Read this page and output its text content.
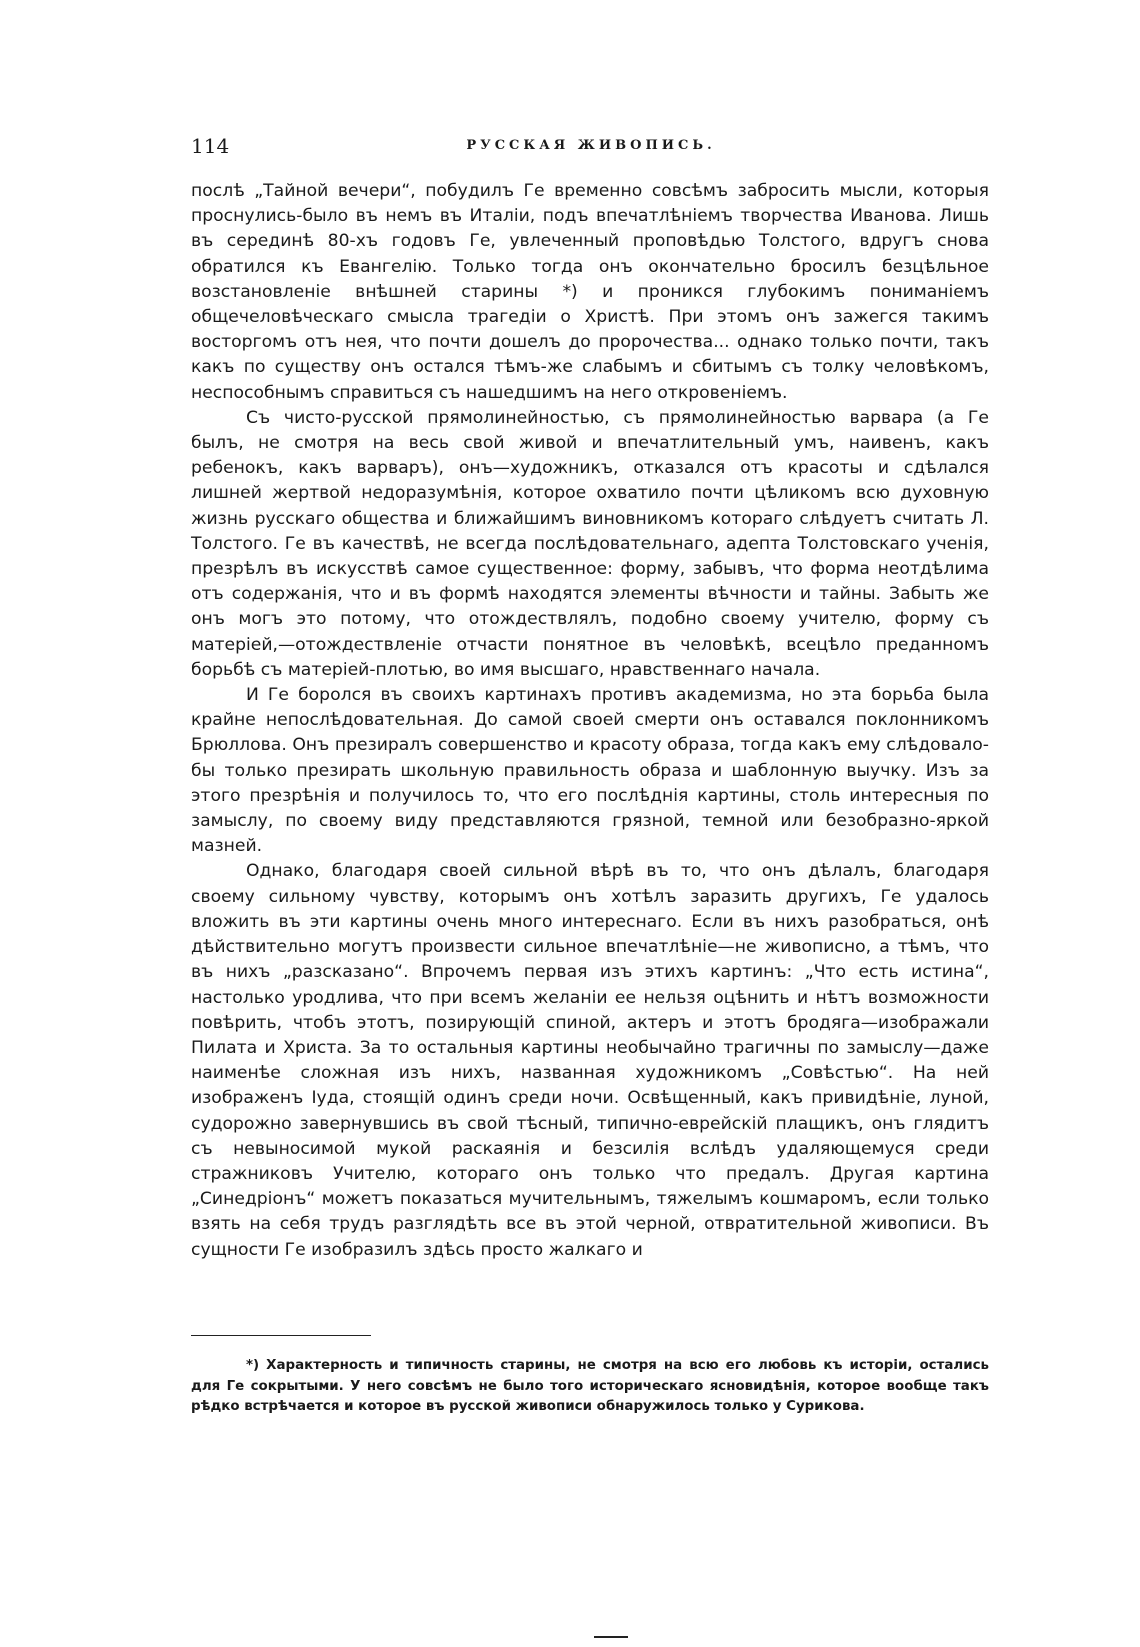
114	РУССКАЯ ЖИВОПИСЬ.

послѣ „Тайной вечери“, побудилъ Ге временно совсѣмъ забросить мысли, которыя проснулись-было въ немъ въ Италіи, подъ впечатлѣніемъ творчества Иванова. Лишь въ серединѣ 80-хъ годовъ Ге, увлеченный проповѣдью Толстого, вдругъ снова обратился къ Евангелію. Только тогда онъ окончательно бросилъ безцѣльное возстановленіе внѣшней старины *) и проникся глубокимъ пониманіемъ общечеловѣческаго смысла трагедіи о Христѣ. При этомъ онъ зажегся такимъ восторгомъ отъ нея, что почти дошелъ до пророчества... однако только почти, такъ какъ по существу онъ остался тѣмъ-же слабымъ и сбитымъ съ толку человѣкомъ, неспособнымъ справиться съ нашедшимъ на него откровеніемъ.

Съ чисто-русской прямолинейностью, съ прямолинейностью варвара (а Ге былъ, не смотря на весь свой живой и впечатлительный умъ, наивенъ, какъ ребенокъ, какъ варваръ), онъ—художникъ, отказался отъ красоты и сдѣлался лишней жертвой недоразумѣнія, которое охватило почти цѣликомъ всю духовную жизнь русскаго общества и ближайшимъ виновникомъ котораго слѣдуетъ считать Л. Толстого. Ге въ качествѣ, не всегда послѣдовательнаго, адепта Толстовскаго ученія, презрѣлъ въ искусствѣ самое существенное: форму, забывъ, что форма неотдѣлима отъ содержанія, что и въ формѣ находятся элементы вѣчности и тайны. Забыть же онъ могъ это потому, что отождествлялъ, подобно своему учителю, форму съ матеріей,—отождествленіе отчасти понятное въ человѣкѣ, всецѣло преданномъ борьбѣ съ матеріей-плотью, во имя высшаго, нравственнаго начала.

И Ге боролся въ своихъ картинахъ противъ академизма, но эта борьба была крайне непослѣдовательная. До самой своей смерти онъ оставался поклонникомъ Брюллова. Онъ презиралъ совершенство и красоту образа, тогда какъ ему слѣдовало-бы только презирать школьную правильность образа и шаблонную выучку. Изъ за этого презрѣнія и получилось то, что его послѣднія картины, столь интересныя по замыслу, по своему виду представляются грязной, темной или безобразно-яркой мазней.

Однако, благодаря своей сильной вѣрѣ въ то, что онъ дѣлалъ, благодаря своему сильному чувству, которымъ онъ хотѣлъ заразить другихъ, Ге удалось вложить въ эти картины очень много интереснаго. Если въ нихъ разобраться, онѣ дѣйствительно могутъ произвести сильное впечатлѣніе—не живописно, а тѣмъ, что въ нихъ „разсказано“. Впрочемъ первая изъ этихъ картинъ: „Что есть истина“, настолько уродлива, что при всемъ желаніи ее нельзя оцѣнить и нѣтъ возможности повѣрить, чтобъ этотъ, позирующій спиной, актеръ и этотъ бродяга—изображали Пилата и Христа. За то остальныя картины необычайно трагичны по замыслу—даже наименѣе сложная изъ нихъ, названная художникомъ „Совѣстью“. На ней изображенъ Іуда, стоящій одинъ среди ночи. Освѣщенный, какъ привидѣніе, луной, судорожно завернувшись въ свой тѣсный, типично-еврейскій плащикъ, онъ глядитъ съ невыносимой мукой раскаянія и безсилія вслѣдъ удаляющемуся среди стражниковъ Учителю, котораго онъ только что предалъ. Другая картина „Синедріонъ“ можетъ показаться мучительнымъ, тяжелымъ кошмаромъ, если только взять на себя трудъ разглядѣть все въ этой черной, отвратительной живописи. Въ сущности Ге изобразилъ здѣсь просто жалкаго и

*) Характерность и типичность старины, не смотря на всю его любовь къ исторіи, остались для Ге сокрытыми. У него совсѣмъ не было того историческаго ясновидѣнія, которое вообще такъ рѣдко встрѣчается и которое въ русской живописи обнаружилось только у Сурикова.
